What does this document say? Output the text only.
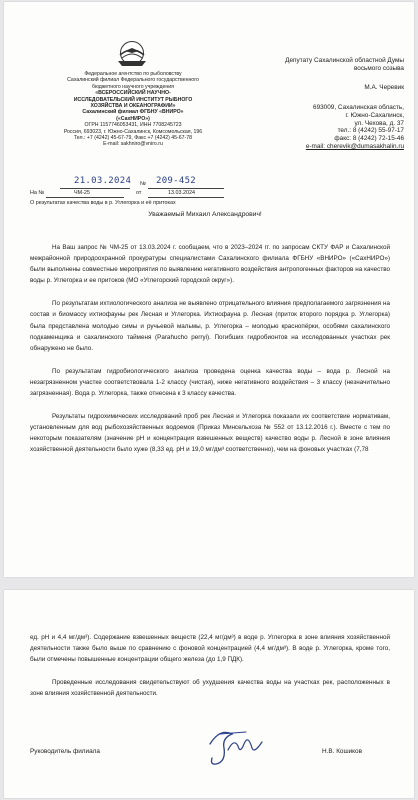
Федеральное агентство по рыболовству
Сахалинский филиал Федерального государственного
бюджетного научного учреждения
«ВСЕРОССИЙСКИЙ НАУЧНО-
ИССЛЕДОВАТЕЛЬСКИЙ ИНСТИТУТ РЫБНОГО
ХОЗЯЙСТВА И ОКЕАНОГРАФИИ»
Сахалинский филиал ФГБНУ «ВНИРО»
(«СахНИРО»)
ОГРН 1157746053431, ИНН 7708245723
Россия, 693023, г. Южно-Сахалинск, Комсомольская, 196
Тел.: +7 (4242) 45-67-79, Факс +7 (4242) 45-67-78
E-mail: sakhniro@vniro.ru
Депутату Сахалинской областной Думы
восьмого созыва
М.А. Черевик
693009, Сахалинская область,
г. Южно-Сахалинск,
ул. Чехова, д. 37
тел.: 8 (4242) 55-97-17
факс: 8 (4242) 72-15-46
e-mail: cherevik@dumasakhalin.ru
21.03.2024 № 209-452
На №	ЧМ-25	от	13.03.2024
О результатах качества воды в р. Углегорка и её притоках
Уважаемый Михаил Александрович!

На Ваш запрос № ЧМ-25 от 13.03.2024 г. сообщаем, что в 2023–2024 гг. по запросам СКТУ ФАР и Сахалинской межрайонной природоохранной прокуратуры специалистами Сахалинского филиала ФГБНУ «ВНИРО» («СахНИРО») были выполнены совместные мероприятия по выявлению негативного воздействия антропогенных факторов на качество воды р. Углегорка и ее притоков (МО «Углегорский городской округ»).

По результатам ихтиологического анализа не выявлено отрицательного влияния предполагаемого загрязнения на состав и биомассу ихтиофауны рек Лесная и Углегорка. Ихтиофауна р. Лесная (приток второго порядка р. Углегорка) была представлена молодью симы и ручьевой мальмы, р. Углегорка – молодью краснопёрки, особями сахалинского подкаменщика и сахалинского тайменя (Parahucho perryi). Погибших гидробионтов на исследованных участках рек обнаружено не было.

По результатам гидробиологического анализа проведена оценка качества воды – вода р. Лесной на незагрязненном участке соответствовала 1-2 классу (чистая), ниже негативного воздействия – 3 классу (незначительно загрязненная). Вода р. Углегорка, также отнесена к 3 классу качества.

Результаты гидрохимических исследований проб рек Лесная и Углегорка показали их соответствие нормативам, установленным для вод рыбохозяйственных водоемов (Приказ Минсельхоза № 552 от 13.12.2016 г.). Вместе с тем по некоторым показателям (значение pH и концентрация взвешенных веществ) качество воды р. Лесной в зоне влияния хозяйственной деятельности было хуже (8,33 ед. pH и 19,0 мг/дм³ соответственно), чем на фоновых участках (7,78

ед. pH и 4,4 мг/дм³). Содержание взвешенных веществ (22,4 мг/дм³) в воде р. Углегорка в зоне влияния хозяйственной деятельности также было выше по сравнению с фоновой концентрацией (4,4 мг/дм³). В воде р. Углегорка, кроме того, были отмечены повышенные концентрации общего железа (до 1,9 ПДК).

Проведенные исследования свидетельствуют об ухудшения качества воды на участках рек, расположенных в зоне влияния хозяйственной деятельности.

Руководитель филиала	Н.В. Кошиков
